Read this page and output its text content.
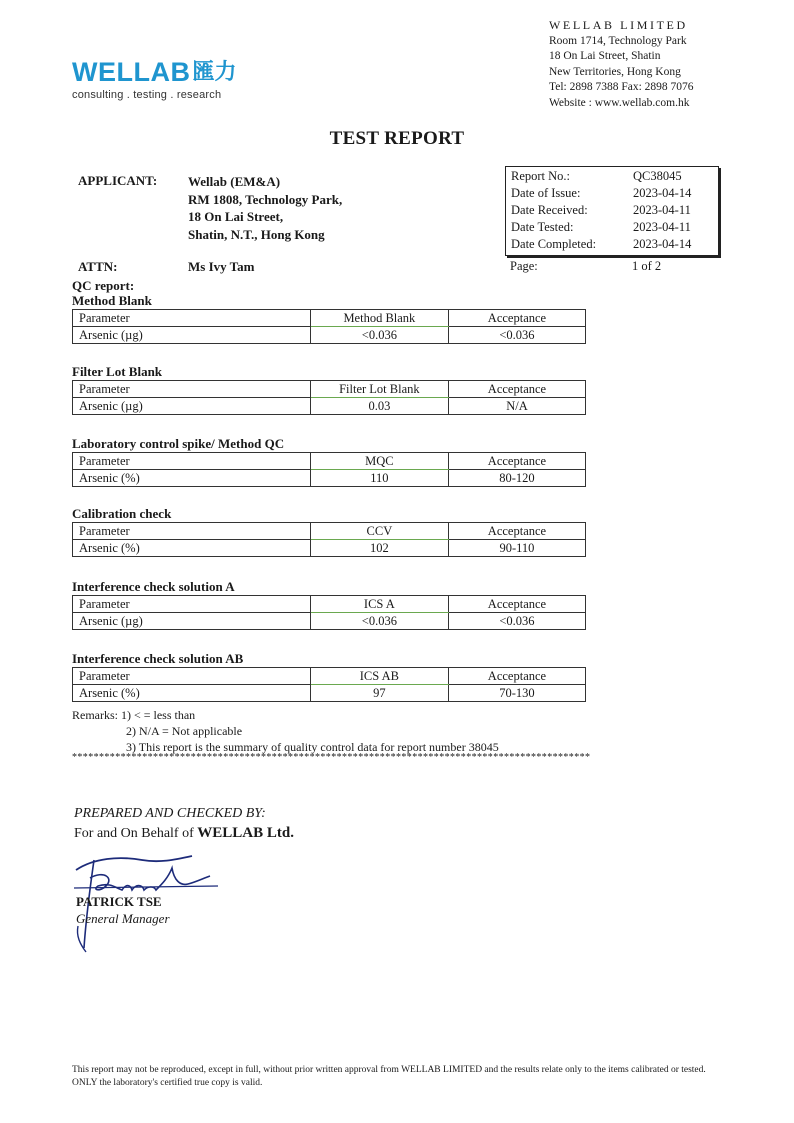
WELLAB 匯力
consulting . testing . research
WELLAB LIMITED
Room 1714, Technology Park
18 On Lai Street, Shatin
New Territories, Hong Kong
Tel: 2898 7388 Fax: 2898 7076
Website : www.wellab.com.hk
TEST REPORT
APPLICANT: Wellab (EM&A)
RM 1808, Technology Park,
18 On Lai Street,
Shatin, N.T., Hong Kong
ATTN:	Ms Ivy Tam
Report No.:	QC38045
Date of Issue:	2023-04-14
Date Received:	2023-04-11
Date Tested:	2023-04-11
Date Completed:	2023-04-14
Page:	1 of 2
QC report:
Method Blank
Parameter	Method Blank	Acceptance
Arsenic (µg)	<0.036	<0.036
Filter Lot Blank
Parameter	Filter Lot Blank	Acceptance
Arsenic (µg)	0.03	N/A
Laboratory control spike/ Method QC
Parameter	MQC	Acceptance
Arsenic (%)	110	80-120
Calibration check
Parameter	CCV	Acceptance
Arsenic (%)	102	90-110
Interference check solution A
Parameter	ICS A	Acceptance
Arsenic (µg)	<0.036	<0.036
Interference check solution AB
Parameter	ICS AB	Acceptance
Arsenic (%)	97	70-130
Remarks: 1) < = less than
2) N/A = Not applicable
3) This report is the summary of quality control data for report number 38045
************************************************************************************************
PREPARED AND CHECKED BY:
For and On Behalf of WELLAB Ltd.
PATRICK TSE
General Manager
This report may not be reproduced, except in full, without prior written approval from WELLAB LIMITED and the results relate only to the items calibrated or tested. ONLY the laboratory's certified true copy is valid.
